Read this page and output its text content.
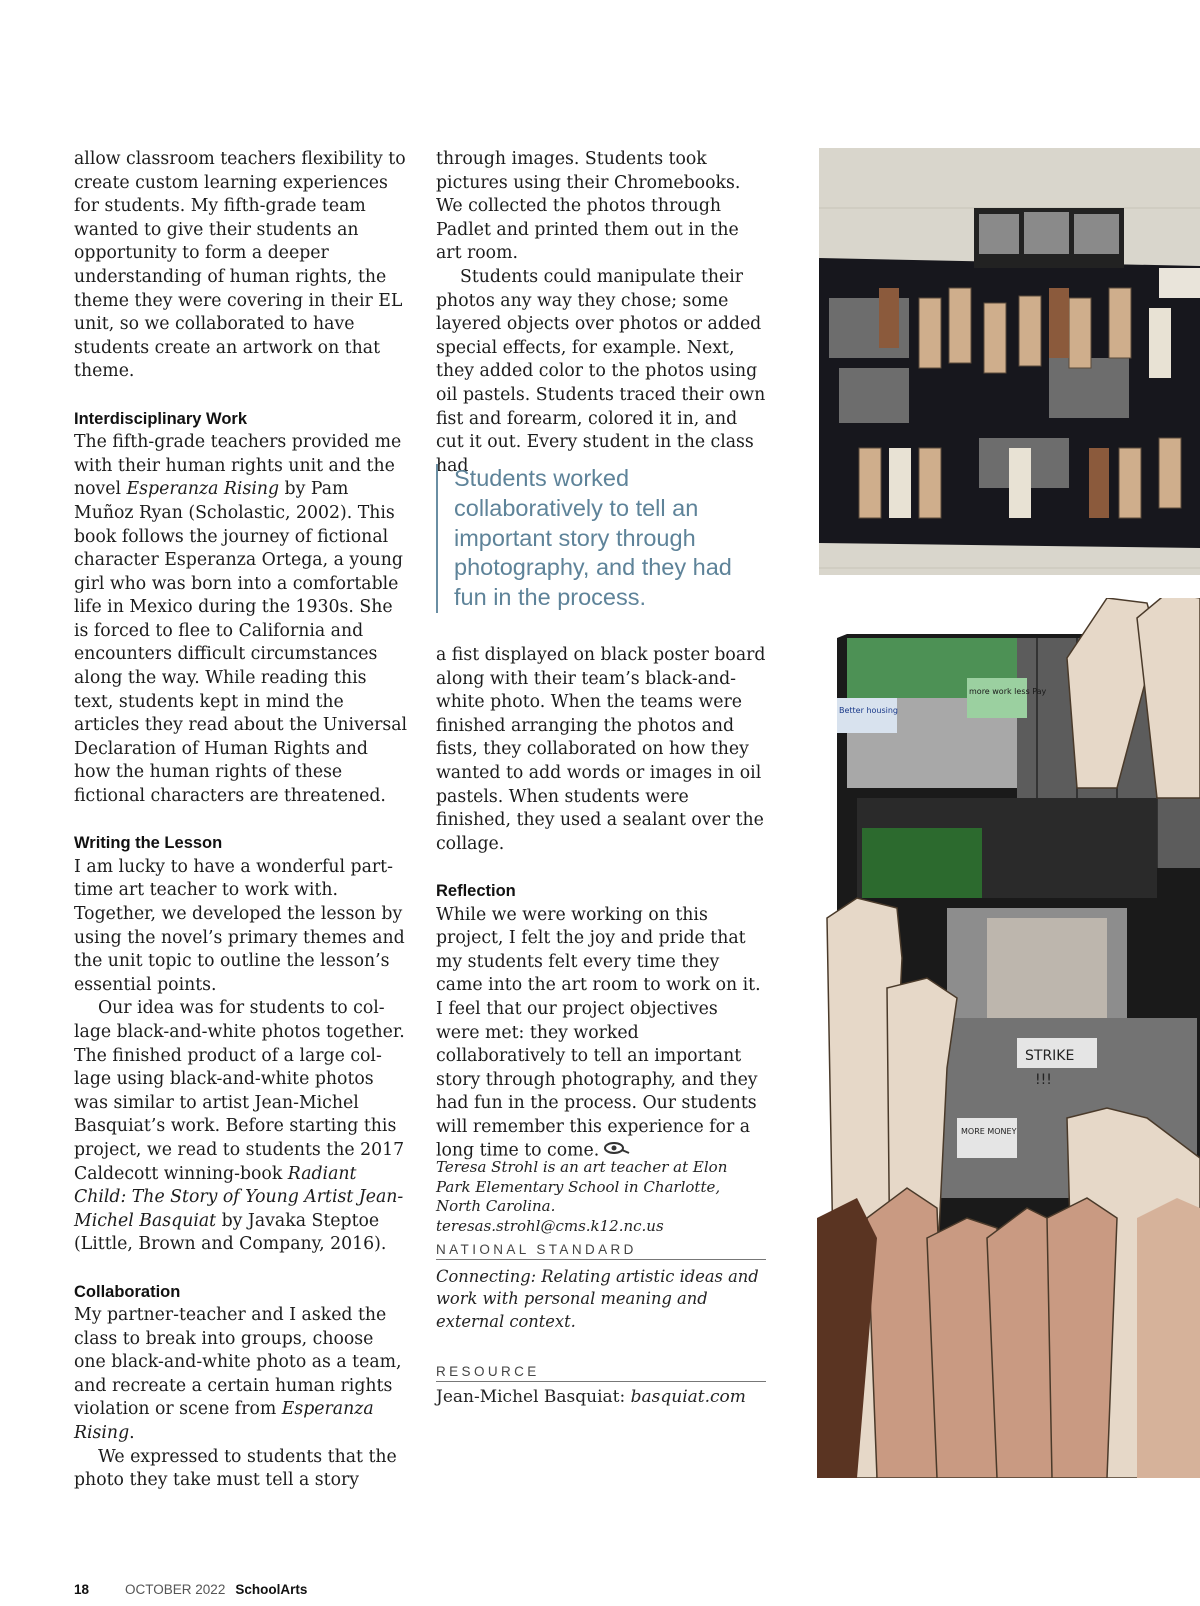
allow classroom teachers flexibility to create custom learning experiences for students. My fifth-grade team wanted to give their students an opportunity to form a deeper understanding of human rights, the theme they were covering in their EL unit, so we collaborated to have students create an artwork on that theme.

Interdisciplinary Work

The fifth-grade teachers provided me with their human rights unit and the novel Esperanza Rising by Pam Muñoz Ryan (Scholastic, 2002). This book follows the journey of fictional character Esperanza Ortega, a young girl who was born into a comfortable life in Mexico during the 1930s. She is forced to flee to California and encounters difficult circumstances along the way. While reading this text, students kept in mind the articles they read about the Universal Declaration of Human Rights and how the human rights of these fictional characters are threatened.

Writing the Lesson

I am lucky to have a wonderful part-time art teacher to work with. Together, we developed the lesson by using the novel’s primary themes and the unit topic to outline the lesson’s essential points.

Our idea was for students to collage black-and-white photos together. The finished product of a large collage using black-and-white photos was similar to artist Jean-Michel Basquiat’s work. Before starting this project, we read to students the 2017 Caldecott winning-book Radiant Child: The Story of Young Artist Jean-Michel Basquiat by Javaka Steptoe (Little, Brown and Company, 2016).

Collaboration

My partner-teacher and I asked the class to break into groups, choose one black-and-white photo as a team, and recreate a certain human rights violation or scene from Esperanza Rising.

We expressed to students that the photo they take must tell a story

through images. Students took pictures using their Chromebooks. We collected the photos through Padlet and printed them out in the art room.

Students could manipulate their photos any way they chose; some layered objects over photos or added special effects, for example. Next, they added color to the photos using oil pastels. Students traced their own fist and forearm, colored it in, and cut it out. Every student in the class had

Students worked collaboratively to tell an important story through photography, and they had fun in the process.

a fist displayed on black poster board along with their team’s black-and-white photo. When the teams were finished arranging the photos and fists, they collaborated on how they wanted to add words or images in oil pastels. When students were finished, they used a sealant over the collage.

Reflection

While we were working on this project, I felt the joy and pride that my students felt every time they came into the art room to work on it. I feel that our project objectives were met: they worked collaboratively to tell an important story through photography, and they had fun in the process. Our students will remember this experience for a long time to come.

Teresa Strohl is an art teacher at Elon Park Elementary School in Charlotte, North Carolina. teresas.strohl@cms.k12.nc.us
NATIONAL STANDARD
Connecting: Relating artistic ideas and work with personal meaning and external context.
RESOURCE
Jean-Michel Basquiat: basquiat.com
STRIKE
!!!
MORE MONEY
Better housing
more work less Pay
18	OCTOBER 2022 SchoolArts
